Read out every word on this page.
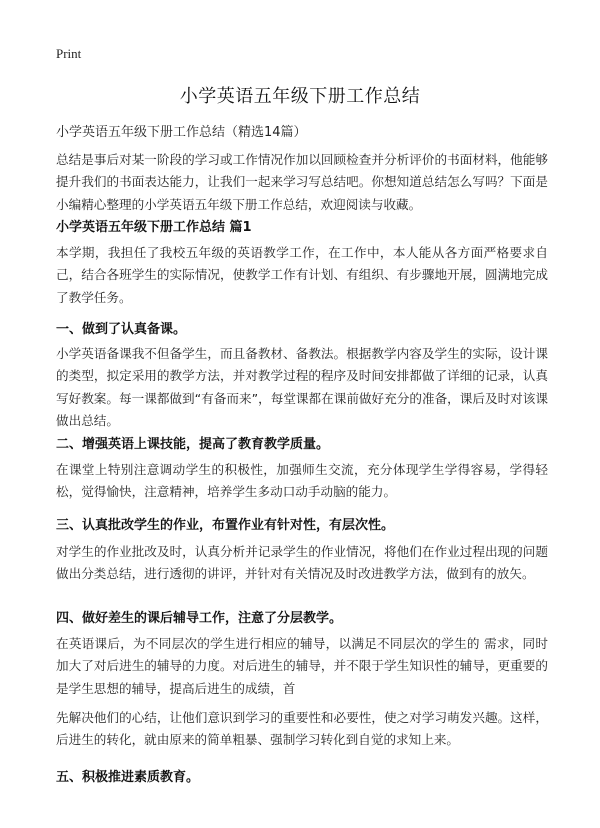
Print
小学英语五年级下册工作总结
小学英语五年级下册工作总结（精选14篇）
总结是事后对某一阶段的学习或工作情况作加以回顾检查并分析评价的书面材料，他能够提升我们的书面表达能力，让我们一起来学习写总结吧。你想知道总结怎么写吗？下面是小编精心整理的小学英语五年级下册工作总结，欢迎阅读与收藏。
小学英语五年级下册工作总结 篇1
本学期，我担任了我校五年级的英语教学工作，在工作中，本人能从各方面严格要求自己，结合各班学生的实际情况，使教学工作有计划、有组织、有步骤地开展，圆满地完成了教学任务。
一、做到了认真备课。
小学英语备课我不但备学生，而且备教材、备教法。根据教学内容及学生的实际，设计课的类型，拟定采用的教学方法，并对教学过程的程序及时间安排都做了详细的记录，认真写好教案。每一课都做到“有备而来”，每堂课都在课前做好充分的准备，课后及时对该课做出总结。
二、增强英语上课技能，提高了教育教学质量。
在课堂上特别注意调动学生的积极性，加强师生交流，充分体现学生学得容易，学得轻松，觉得愉快，注意精神，培养学生多动口动手动脑的能力。
三、认真批改学生的作业，布置作业有针对性，有层次性。
对学生的作业批改及时，认真分析并记录学生的作业情况，将他们在作业过程出现的问题做出分类总结，进行透彻的讲评，并针对有关情况及时改进教学方法，做到有的放矢。
四、做好差生的课后辅导工作，注意了分层教学。
在英语课后，为不同层次的学生进行相应的辅导，以满足不同层次的学生的 需求，同时加大了对后进生的辅导的力度。对后进生的辅导，并不限于学生知识性的辅导，更重要的是学生思想的辅导，提高后进生的成绩，首
先解决他们的心结，让他们意识到学习的重要性和必要性，使之对学习萌发兴趣。这样，后进生的转化，就由原来的简单粗暴、强制学习转化到自觉的求知上来。
五、积极推进素质教育。
